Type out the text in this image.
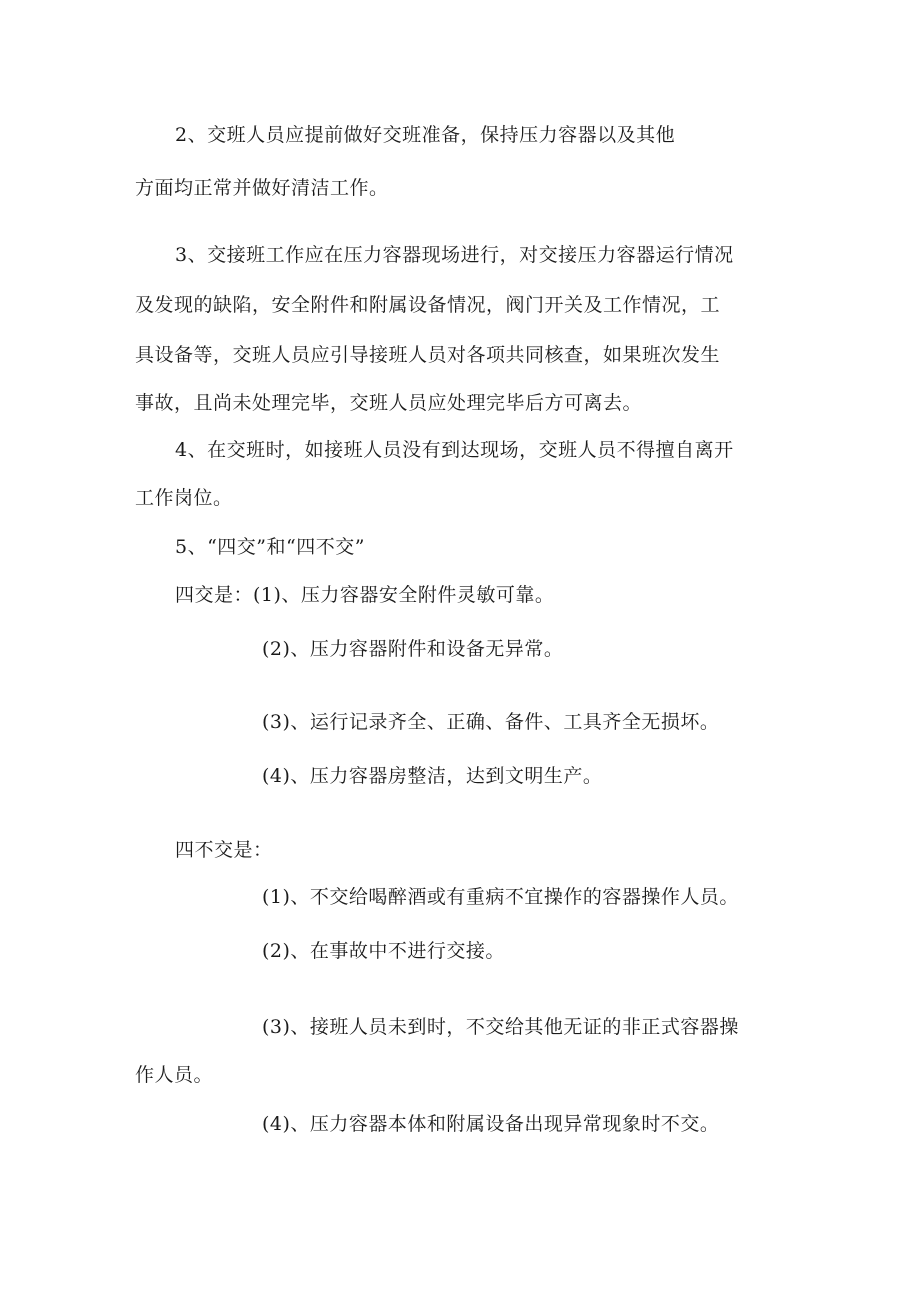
2、交班人员应提前做好交班准备，保持压力容器以及其他
方面均正常并做好清洁工作。
3、交接班工作应在压力容器现场进行，对交接压力容器运行情况
及发现的缺陷，安全附件和附属设备情况，阀门开关及工作情况，工
具设备等，交班人员应引导接班人员对各项共同核查，如果班次发生
事故，且尚未处理完毕，交班人员应处理完毕后方可离去。
4、在交班时，如接班人员没有到达现场，交班人员不得擅自离开
工作岗位。
5、“四交”和“四不交”
四交是：(1)、压力容器安全附件灵敏可靠。
(2)、压力容器附件和设备无异常。
(3)、运行记录齐全、正确、备件、工具齐全无损坏。
(4)、压力容器房整洁，达到文明生产。
四不交是：
(1)、不交给喝醉酒或有重病不宜操作的容器操作人员。
(2)、在事故中不进行交接。
(3)、接班人员未到时，不交给其他无证的非正式容器操
作人员。
(4)、压力容器本体和附属设备出现异常现象时不交。
